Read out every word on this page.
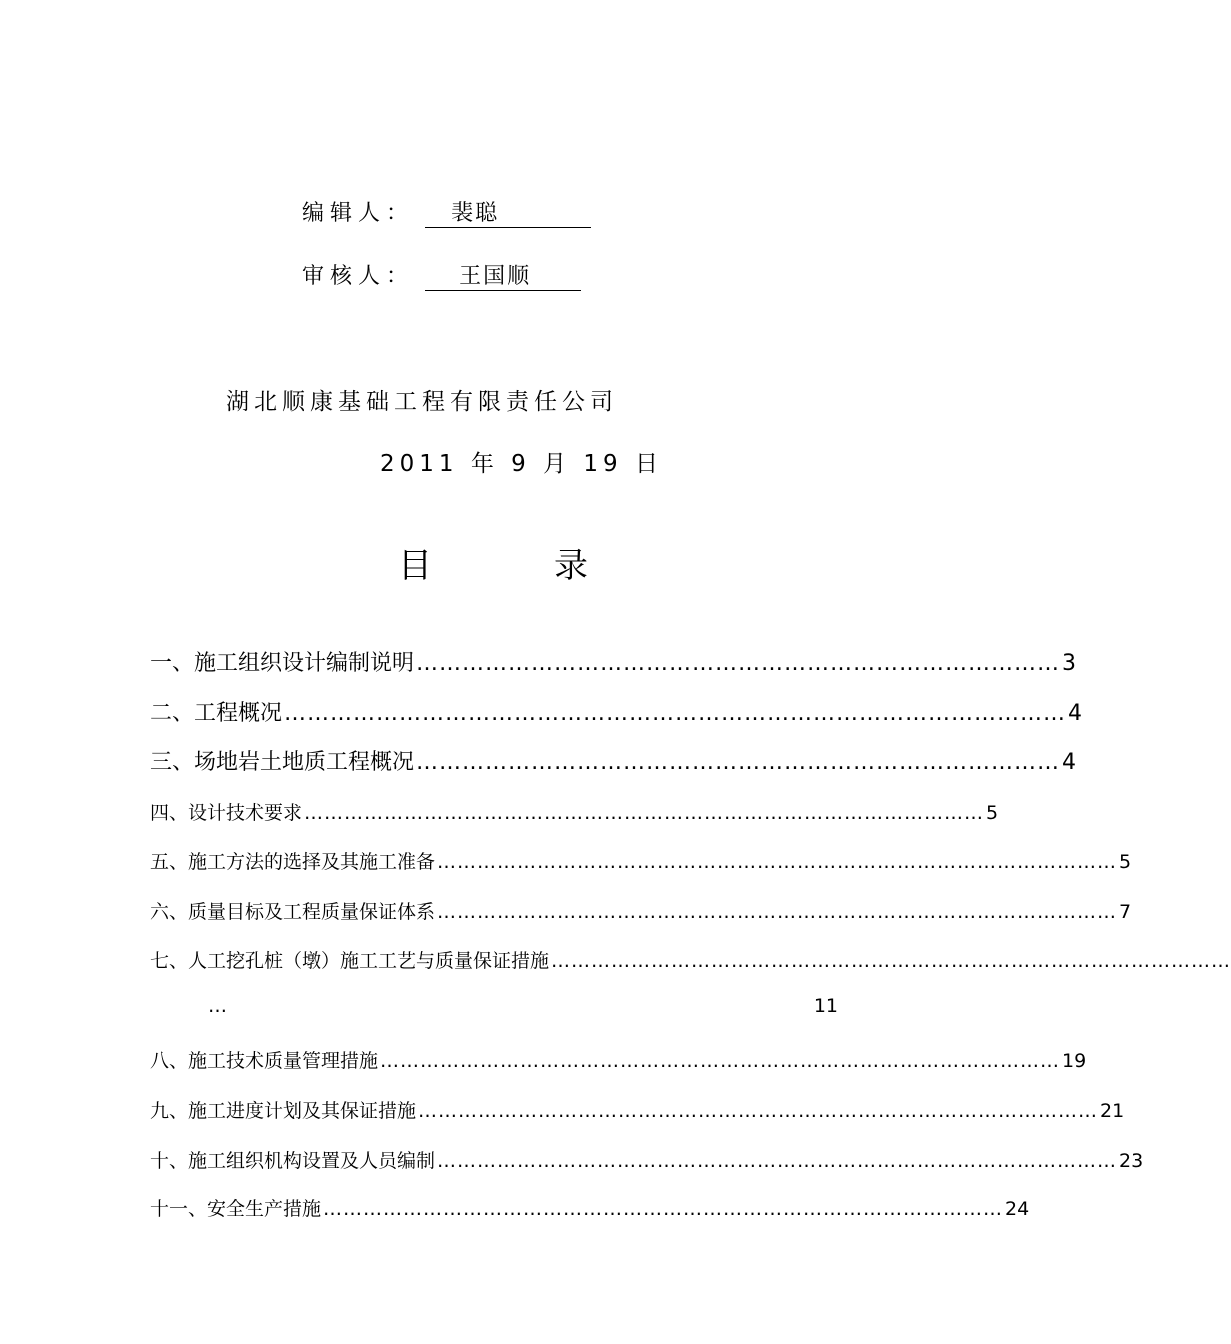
编辑人： 裴聪
审核人： 王国顺
湖北顺康基础工程有限责任公司
2011 年 9 月 19 日
目	录
一、 施工组织设计编制说明 ………………………………………………………………………… 3
二、 工程概况 ………………………………………………………………………………………… 4
三、 场地岩土地质工程概况 ………………………………………………………………………… 4
四、 设计技术要求 ………………………………………………………………………………………… 5
五、 施工方法的选择及其施工准备 ………………………………………………………………………………………… 5
六、 质量目标及工程质量保证体系 ………………………………………………………………………………………… 7
七、 人工挖孔桩（墩）施工工艺与质量保证措施 …………………………………………………………………………………………
…	11
八、 施工技术质量管理措施 ………………………………………………………………………………………… 19
九、 施工进度计划及其保证措施 ………………………………………………………………………………………… 21
十、 施工组织机构设置及人员编制 ………………………………………………………………………………………… 23
十一、 安全生产措施 ………………………………………………………………………………………… 24
